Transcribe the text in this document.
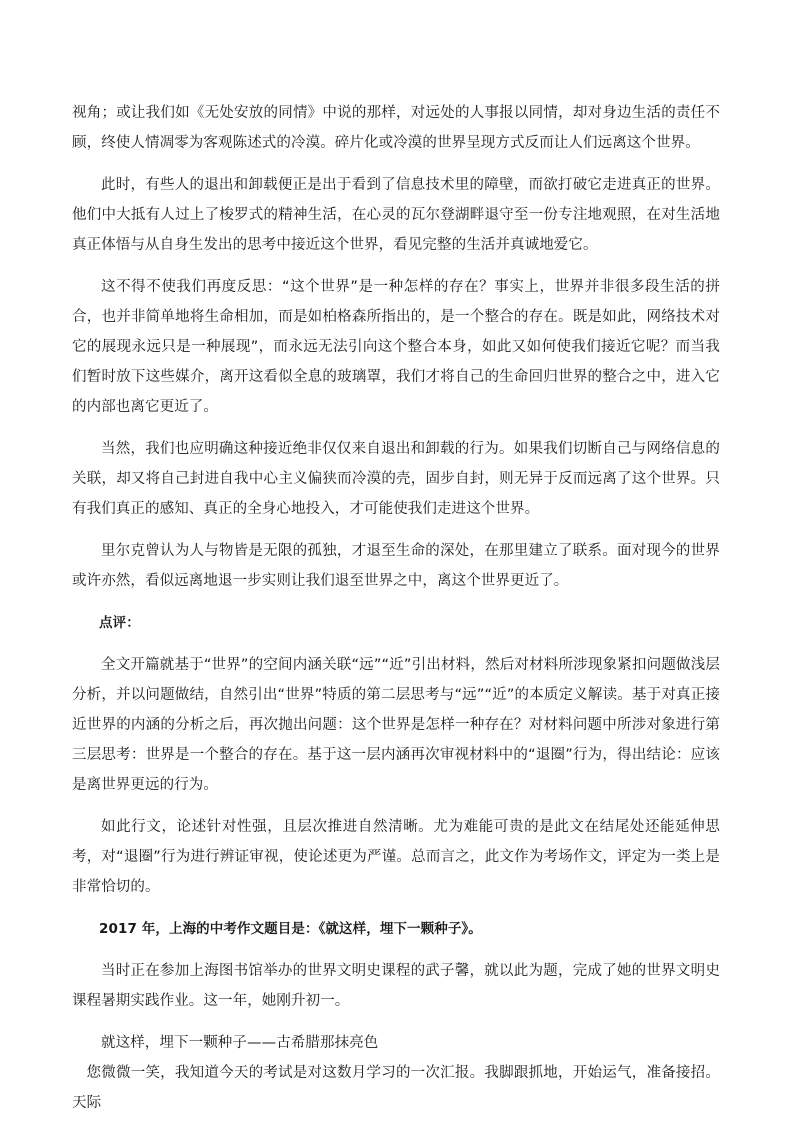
视角；或让我们如《无处安放的同情》中说的那样，对远处的人事报以同情，却对身边生活的责任不顾，终使人情凋零为客观陈述式的冷漠。碎片化或冷漠的世界呈现方式反而让人们远离这个世界。

此时，有些人的退出和卸载便正是出于看到了信息技术里的障壁，而欲打破它走进真正的世界。他们中大抵有人过上了梭罗式的精神生活，在心灵的瓦尔登湖畔退守至一份专注地观照，在对生活地真正体悟与从自身生发出的思考中接近这个世界，看见完整的生活并真诚地爱它。

这不得不使我们再度反思：“这个世界”是一种怎样的存在？事实上，世界并非很多段生活的拼合，也并非简单地将生命相加，而是如柏格森所指出的，是一个整合的存在。既是如此，网络技术对它的展现永远只是一种展现”，而永远无法引向这个整合本身，如此又如何使我们接近它呢？而当我们暂时放下这些媒介，离开这看似全息的玻璃罩，我们才将自己的生命回归世界的整合之中，进入它的内部也离它更近了。

当然，我们也应明确这种接近绝非仅仅来自退出和卸载的行为。如果我们切断自己与网络信息的关联，却又将自己封进自我中心主义偏狭而冷漠的壳，固步自封，则无异于反而远离了这个世界。只有我们真正的感知、真正的全身心地投入，才可能使我们走进这个世界。

里尔克曾认为人与物皆是无限的孤独，才退至生命的深处，在那里建立了联系。面对现今的世界或许亦然，看似远离地退一步实则让我们退至世界之中，离这个世界更近了。

点评：

全文开篇就基于“世界”的空间内涵关联“远”“近”引出材料，然后对材料所涉现象紧扣问题做浅层分析，并以问题做结，自然引出“世界”特质的第二层思考与“远”“近”的本质定义解读。基于对真正接近世界的内涵的分析之后，再次抛出问题：这个世界是怎样一种存在？对材料问题中所涉对象进行第三层思考：世界是一个整合的存在。基于这一层内涵再次审视材料中的“退圈”行为，得出结论：应该是离世界更远的行为。

如此行文，论述针对性强，且层次推进自然清晰。尤为难能可贵的是此文在结尾处还能延伸思考，对“退圈”行为进行辨证审视，使论述更为严谨。总而言之，此文作为考场作文，评定为一类上是非常恰切的。

2017 年，上海的中考作文题目是：《就这样，埋下一颗种子》。

当时正在参加上海图书馆举办的世界文明史课程的武子馨，就以此为题，完成了她的世界文明史课程暑期实践作业。这一年，她刚升初一。

就这样，埋下一颗种子——古希腊那抹亮色

您微微一笑，我知道今天的考试是对这数月学习的一次汇报。我脚跟抓地，开始运气，准备接招。天际
